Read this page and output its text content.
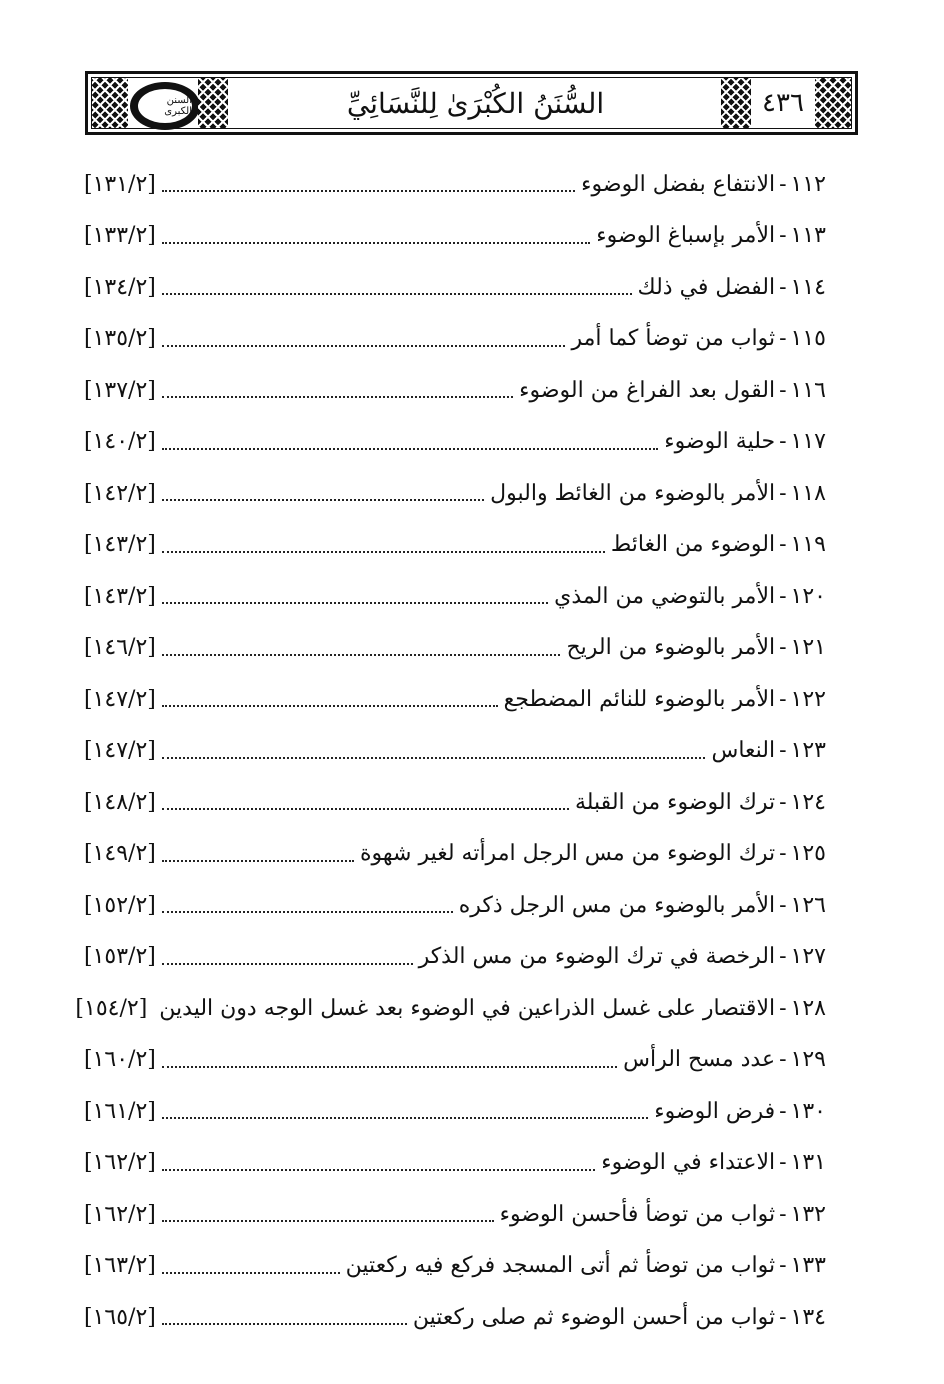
السنن الكبرى	السُّنَنُ الكُبْرَىٰ لِلنَّسَائِيِّ	٤٣٦
١١٢
-
الانتفاع بفضل الوضوء
[١٣١/٢]
١١٣
-
الأمر بإسباغ الوضوء
[١٣٣/٢]
١١٤
-
الفضل في ذلك
[١٣٤/٢]
١١٥
-
ثواب من توضأ كما أمر
[١٣٥/٢]
١١٦
-
القول بعد الفراغ من الوضوء
[١٣٧/٢]
١١٧
-
حلية الوضوء
[١٤٠/٢]
١١٨
-
الأمر بالوضوء من الغائط والبول
[١٤٢/٢]
١١٩
-
الوضوء من الغائط
[١٤٣/٢]
١٢٠
-
الأمر بالتوضي من المذي
[١٤٣/٢]
١٢١
-
الأمر بالوضوء من الريح
[١٤٦/٢]
١٢٢
-
الأمر بالوضوء للنائم المضطجع
[١٤٧/٢]
١٢٣
-
النعاس
[١٤٧/٢]
١٢٤
-
ترك الوضوء من القبلة
[١٤٨/٢]
١٢٥
-
ترك الوضوء من مس الرجل امرأته لغير شهوة
[١٤٩/٢]
١٢٦
-
الأمر بالوضوء من مس الرجل ذكره
[١٥٢/٢]
١٢٧
-
الرخصة في ترك الوضوء من مس الذكر
[١٥٣/٢]
١٢٨
-
الاقتصار على غسل الذراعين في الوضوء بعد غسل الوجه دون اليدين
[١٥٤/٢]
١٢٩
-
عدد مسح الرأس
[١٦٠/٢]
١٣٠
-
فرض الوضوء
[١٦١/٢]
١٣١
-
الاعتداء في الوضوء
[١٦٢/٢]
١٣٢
-
ثواب من توضأ فأحسن الوضوء
[١٦٢/٢]
١٣٣
-
ثواب من توضأ ثم أتى المسجد فركع فيه ركعتين
[١٦٣/٢]
١٣٤
-
ثواب من أحسن الوضوء ثم صلى ركعتين
[١٦٥/٢]
